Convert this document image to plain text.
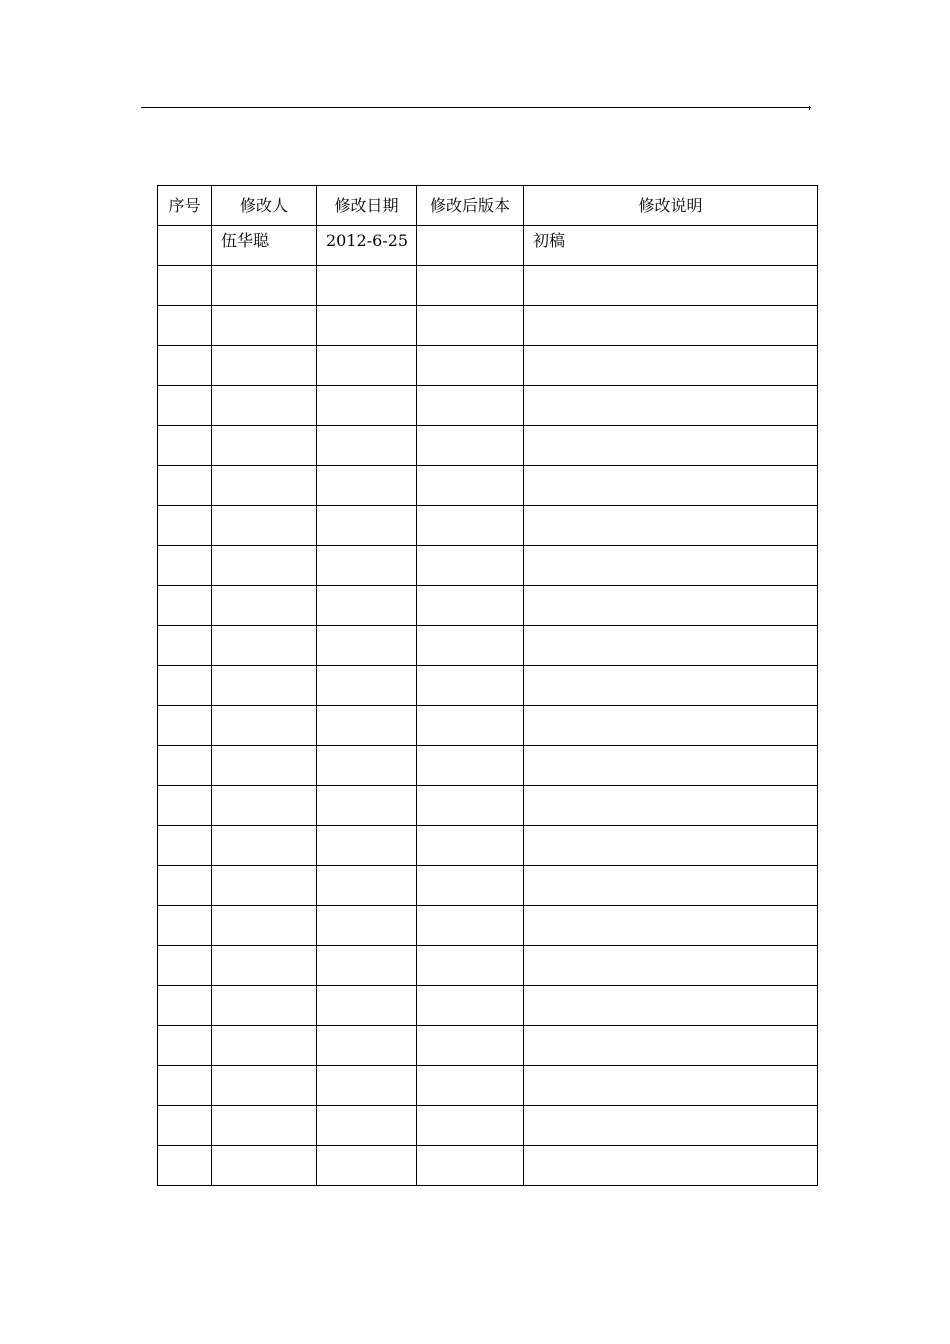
序号	修改人	修改日期	修改后版本	修改说明
	伍华聪	2012-6-25		初稿
